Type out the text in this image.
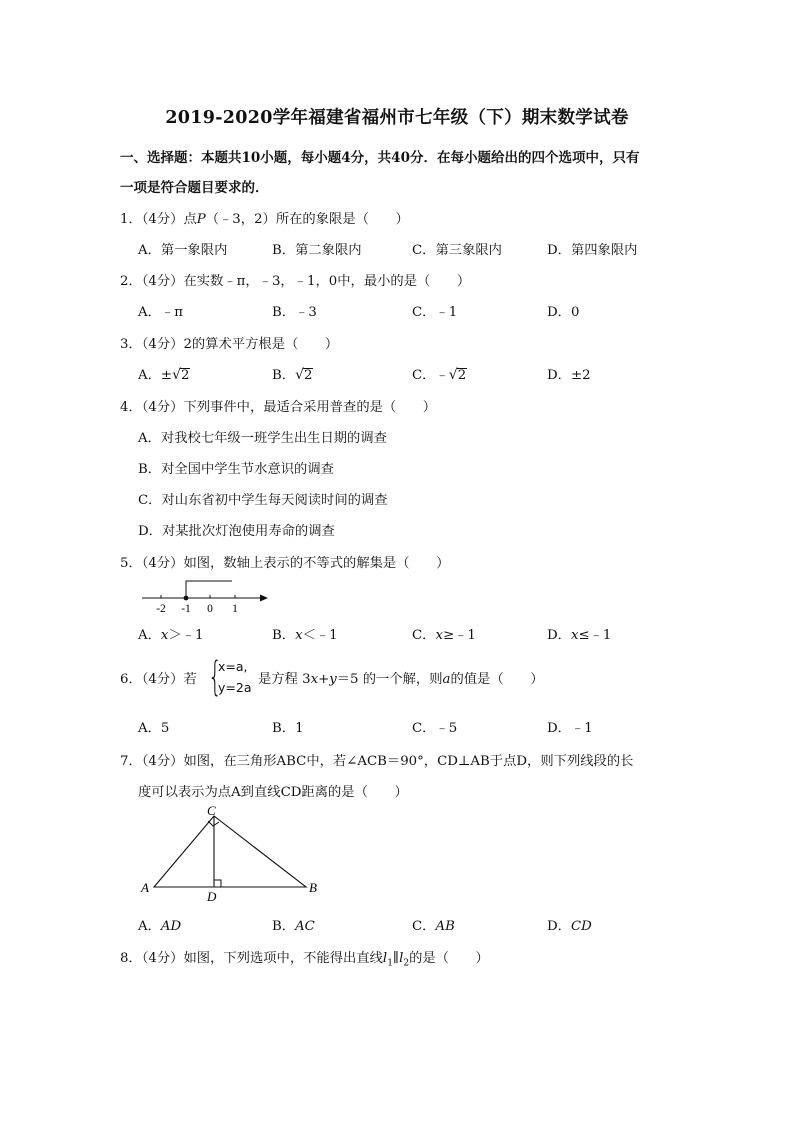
2019-2020学年福建省福州市七年级（下）期末数学试卷
一、选择题：本题共10小题，每小题4分，共40分．在每小题给出的四个选项中，只有
一项是符合题目要求的．
1．（4分）点P（﹣3，2）所在的象限是（　　）
A．第一象限内	B．第二象限内	C．第三象限内	D．第四象限内
2．（4分）在实数﹣π，﹣3，﹣1，0中，最小的是（　　）
A．﹣π	B．﹣3	C．﹣1	D．0
3．（4分）2的算术平方根是（　　）
A．±√2	B．√2	C．﹣√2	D．±2
4．（4分）下列事件中，最适合采用普查的是（　　）
A．对我校七年级一班学生出生日期的调查
B．对全国中学生节水意识的调查
C．对山东省初中学生每天阅读时间的调查
D．对某批次灯泡使用寿命的调查
5．（4分）如图，数轴上表示的不等式的解集是（　　）
-2 -1 0 1
A．x＞﹣1	B．x＜﹣1	C．x≥﹣1	D．x≤﹣1
6．（4分）若 {
x=a,
y=2a
是方程 3x+y＝5 的一个解，则a的值是（　　）
A．5	B．1	C．﹣5	D．﹣1
7．（4分）如图，在三角形ABC中，若∠ACB＝90°，CD⊥AB于点D，则下列线段的长
度可以表示为点A到直线CD距离的是（　　）
A	B
C
D
A．AD	B．AC	C．AB	D．CD
8．（4分）如图，下列选项中，不能得出直线$l_1\parallel l_2$的是（　　）
